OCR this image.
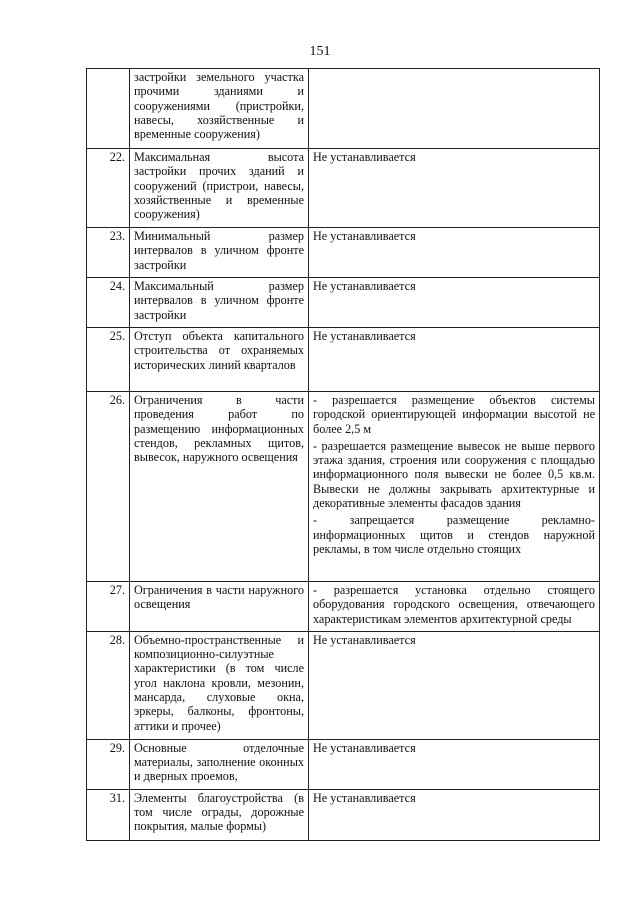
151
	застройки земельного участка прочими зданиями и сооружениями (пристройки, навесы, хозяйственные и временные сооружения)	
22.	Максимальная высота застройки прочих зданий и сооружений (пристрои, навесы, хозяйственные и временные сооружения)	Не устанавливается

23.	Минимальный размер интервалов в уличном фронте застройки	Не устанавливается

24.	Максимальный размер интервалов в уличном фронте застройки	Не устанавливается

25.	Отступ объекта капитального строительства от охраняемых исторических линий кварталов	Не устанавливается

26.	Ограничения в части проведения работ по размещению информационных стендов, рекламных щитов, вывесок, наружного освещения	- разрешается размещение объектов системы городской ориентирующей информации высотой не более 2,5 м
- разрешается размещение вывесок не выше первого этажа здания, строения или сооружения с площадью информационного поля вывески не более 0,5 кв.м. Вывески не должны закрывать архитектурные и декоративные элементы фасадов здания
- запрещается размещение рекламно-информационных щитов и стендов наружной рекламы, в том числе отдельно стоящих

27.	Ограничения в части наружного освещения	- разрешается установка отдельно стоящего оборудования городского освещения, отвечающего характеристикам элементов архитектурной среды

28.	Объемно-пространственные и композиционно-силуэтные характеристики (в том числе угол наклона кровли, мезонин, мансарда, слуховые окна, эркеры, балконы, фронтоны, аттики и прочее)	Не устанавливается

29.	Основные отделочные материалы, заполнение оконных и дверных проемов,	Не устанавливается

31.	Элементы благоустройства (в том числе ограды, дорожные покрытия, малые формы)	Не устанавливается
